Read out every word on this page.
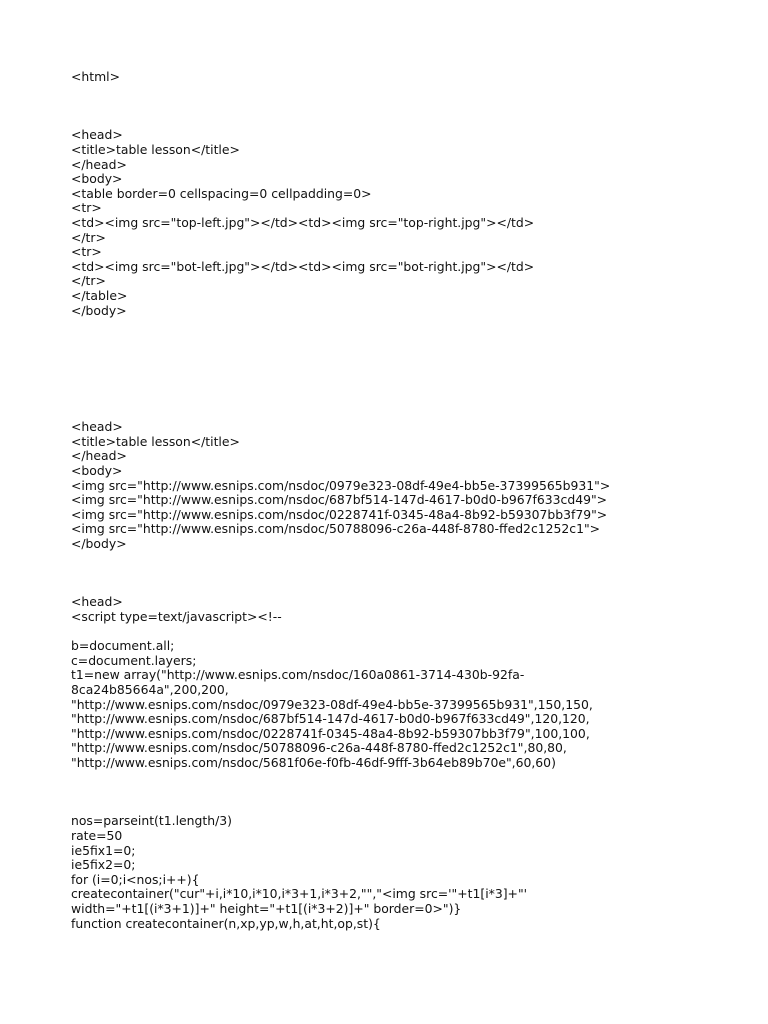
<html>
<head>
<title>table lesson</title>
</head>
<body>
<table border=0 cellspacing=0 cellpadding=0>
<tr>
<td><img src="top-left.jpg"></td><td><img src="top-right.jpg"></td>
</tr>
<tr>
<td><img src="bot-left.jpg"></td><td><img src="bot-right.jpg"></td>
</tr>
</table>
</body>
<head>
<title>table lesson</title>
</head>
<body>
<img src="http://www.esnips.com/nsdoc/0979e323-08df-49e4-bb5e-37399565b931">
<img src="http://www.esnips.com/nsdoc/687bf514-147d-4617-b0d0-b967f633cd49">
<img src="http://www.esnips.com/nsdoc/0228741f-0345-48a4-8b92-b59307bb3f79">
<img src="http://www.esnips.com/nsdoc/50788096-c26a-448f-8780-ffed2c1252c1">
</body>
<head>
<script type=text/javascript><!--
b=document.all;
c=document.layers;
t1=new array("http://www.esnips.com/nsdoc/160a0861-3714-430b-92fa-
8ca24b85664a",200,200,
"http://www.esnips.com/nsdoc/0979e323-08df-49e4-bb5e-37399565b931",150,150,
"http://www.esnips.com/nsdoc/687bf514-147d-4617-b0d0-b967f633cd49",120,120,
"http://www.esnips.com/nsdoc/0228741f-0345-48a4-8b92-b59307bb3f79",100,100,
"http://www.esnips.com/nsdoc/50788096-c26a-448f-8780-ffed2c1252c1",80,80,
"http://www.esnips.com/nsdoc/5681f06e-f0fb-46df-9fff-3b64eb89b70e",60,60)
nos=parseint(t1.length/3)
rate=50
ie5fix1=0;
ie5fix2=0;
for (i=0;i<nos;i++){
createcontainer("cur"+i,i*10,i*10,i*3+1,i*3+2,"","<img src='"+t1[i*3]+"'
width="+t1[(i*3+1)]+" height="+t1[(i*3+2)]+" border=0>")}
function createcontainer(n,xp,yp,w,h,at,ht,op,st){
